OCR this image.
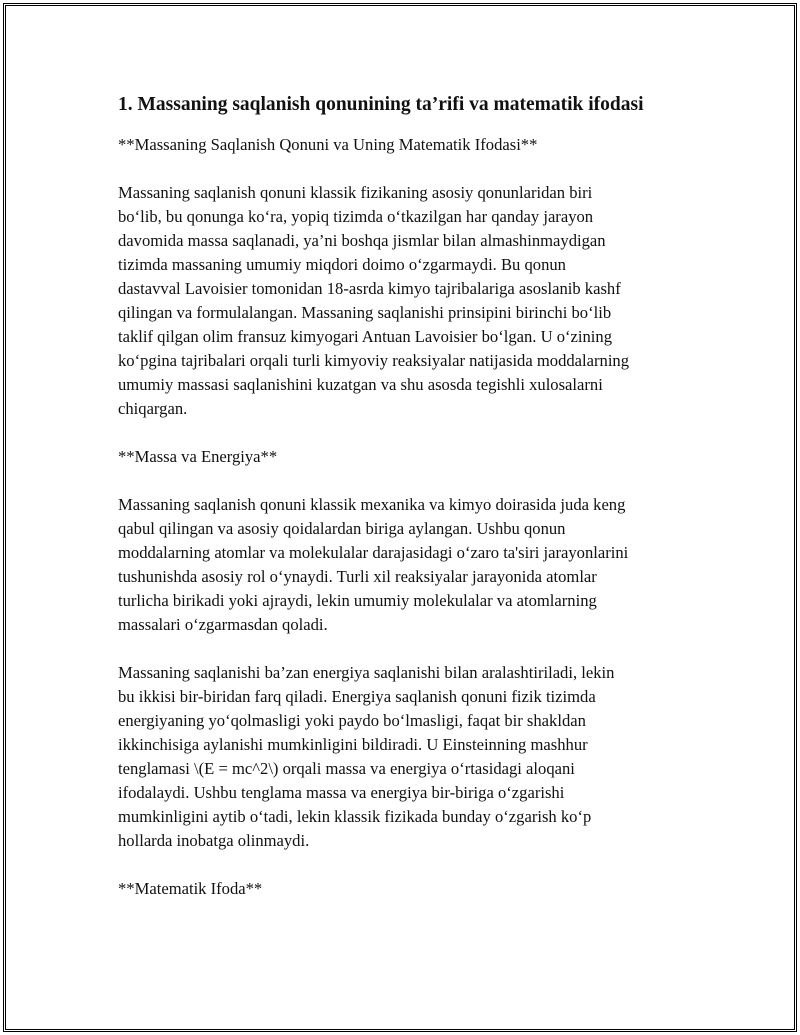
1. Massaning saqlanish qonunining ta’rifi va matematik ifodasi

**Massaning Saqlanish Qonuni va Uning Matematik Ifodasi**

Massaning saqlanish qonuni klassik fizikaning asosiy qonunlaridan biri
bo‘lib, bu qonunga ko‘ra, yopiq tizimda o‘tkazilgan har qanday jarayon
davomida massa saqlanadi, ya’ni boshqa jismlar bilan almashinmaydigan
tizimda massaning umumiy miqdori doimo o‘zgarmaydi. Bu qonun
dastavval Lavoisier tomonidan 18-asrda kimyo tajribalariga asoslanib kashf
qilingan va formulalangan. Massaning saqlanishi prinsipini birinchi bo‘lib
taklif qilgan olim fransuz kimyogari Antuan Lavoisier bo‘lgan. U o‘zining
ko‘pgina tajribalari orqali turli kimyoviy reaksiyalar natijasida moddalarning
umumiy massasi saqlanishini kuzatgan va shu asosda tegishli xulosalarni
chiqargan.

**Massa va Energiya**

Massaning saqlanish qonuni klassik mexanika va kimyo doirasida juda keng
qabul qilingan va asosiy qoidalardan biriga aylangan. Ushbu qonun
moddalarning atomlar va molekulalar darajasidagi o‘zaro ta'siri jarayonlarini
tushunishda asosiy rol o‘ynaydi. Turli xil reaksiyalar jarayonida atomlar
turlicha birikadi yoki ajraydi, lekin umumiy molekulalar va atomlarning
massalari o‘zgarmasdan qoladi.

Massaning saqlanishi ba’zan energiya saqlanishi bilan aralashtiriladi, lekin
bu ikkisi bir-biridan farq qiladi. Energiya saqlanish qonuni fizik tizimda
energiyaning yo‘qolmasligi yoki paydo bo‘lmasligi, faqat bir shakldan
ikkinchisiga aylanishi mumkinligini bildiradi. U Einsteinning mashhur
tenglamasi \(E = mc^2\) orqali massa va energiya o‘rtasidagi aloqani
ifodalaydi. Ushbu tenglama massa va energiya bir-biriga o‘zgarishi
mumkinligini aytib o‘tadi, lekin klassik fizikada bunday o‘zgarish ko‘p
hollarda inobatga olinmaydi.

**Matematik Ifoda**
